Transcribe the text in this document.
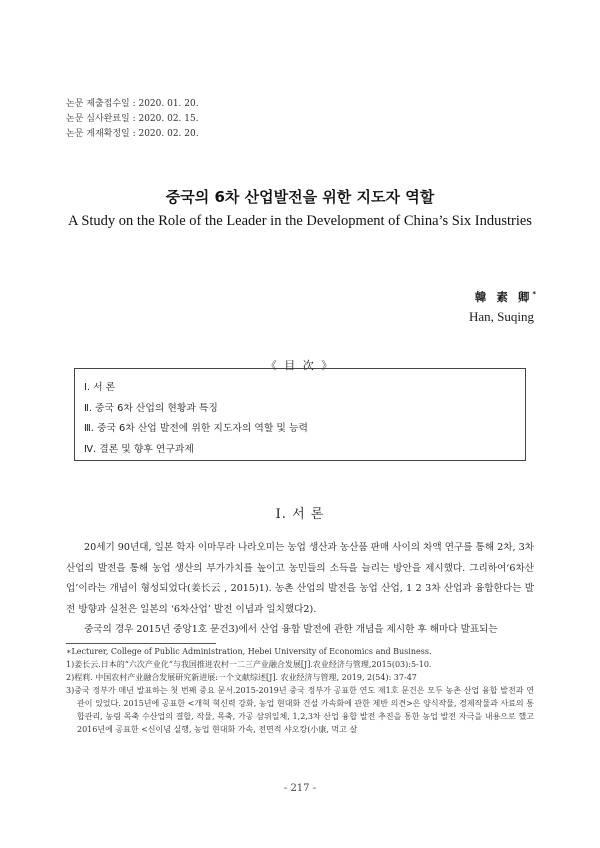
논문 제출접수일 : 2020. 01. 20.
논문 심사완료일 : 2020. 02. 15.
논문 게재확정일 : 2020. 02. 20.
중국의 6차 산업발전을 위한 지도자 역할
A Study on the Role of the Leader in the Development of China’s Six Industries
韓 素 卿*
Han, Suqing
《 目 次 》
Ⅰ. 서 론
Ⅱ. 중국 6차 산업의 현황과 특징
Ⅲ. 중국 6차 산업 발전에 위한 지도자의 역할 및 능력
Ⅳ. 결론 및 향후 연구과제
Ⅰ. 서 론

20세기 90년대, 일본 학자 이마무라 나라오미는 농업 생산과 농산품 판매 사이의 차액 연구를 통해 2차, 3차 산업의 발전을 통해 농업 생산의 부가가치를 높이고 농민들의 소득을 늘리는 방안을 제시했다. 그리하여‘6차산업’이라는 개념이 형성되었다(姜长云 , 2015)1). 농촌 산업의 발전을 농업 산업, 1 2 3차 산업과 융합한다는 발전 방향과 실천은 일본의 ‘6차산업’ 발전 이념과 일치했다2).

중국의 경우 2015년 중앙1호 문건3)에서 산업 융합 발전에 관한 개념을 제시한 후 해마다 발표되는

∗Lecturer, College of Public Administration, Hebei University of Economics and Business.
1)姜长云.日本的“六次产业化”与我国推进农村一二三产业融合发展[J].农业经济与管理,2015(03):5-10.
2)程莉. 中国农村产业融合发展研究新进展:一个文献综述[J]. 农业经济与管理, 2019, 2(54): 37-47
3)중국 정부가 매년 발표하는 첫 번째 중요 문서.2015-2019년 중국 정부가 공표한 연도 제1호 문건은 모두 농촌 산업 융합 발전과 연관이 있었다. 2015년에 공표한 <개혁 혁신력 강화, 농업 현대화 건설 가속화에 관한 제반 의견>은 양식작물, 경제작물과 사료의 통합관리, 농림 목축 수산업의 결합, 작물, 목축, 가공 삼위일체, 1,2,3차 산업 융합 발전 추진을 통한 농업 발전 자극을 내용으로 했고 2016년에 공표한 <신이념 실행, 농업 현대화 가속, 전면적 샤오캉(小康, 먹고 살
- 217 -
